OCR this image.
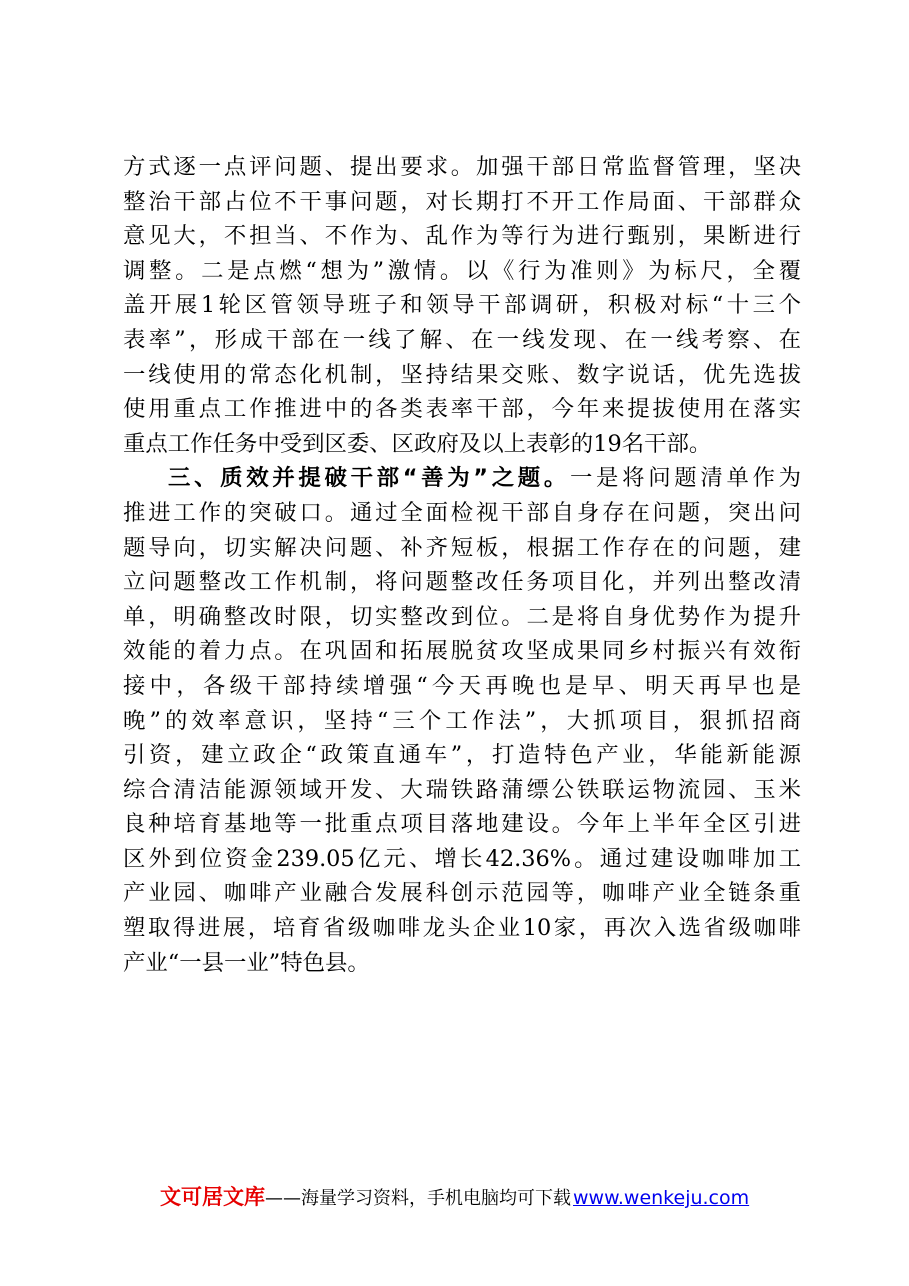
方式逐一点评问题、提出要求。加强干部日常监督管理，坚决
整治干部占位不干事问题，对长期打不开工作局面、干部群众
意见大，不担当、不作为、乱作为等行为进行甄别，果断进行
调整。二是点燃“想为”激情。以《行为准则》为标尺，全覆
盖开展1轮区管领导班子和领导干部调研，积极对标“十三个
表率”，形成干部在一线了解、在一线发现、在一线考察、在
一线使用的常态化机制，坚持结果交账、数字说话，优先选拔
使用重点工作推进中的各类表率干部，今年来提拔使用在落实
重点工作任务中受到区委、区政府及以上表彰的19名干部。
三、质效并提破干部“善为”之题。一是将问题清单作为
推进工作的突破口。通过全面检视干部自身存在问题，突出问
题导向，切实解决问题、补齐短板，根据工作存在的问题，建
立问题整改工作机制，将问题整改任务项目化，并列出整改清
单，明确整改时限，切实整改到位。二是将自身优势作为提升
效能的着力点。在巩固和拓展脱贫攻坚成果同乡村振兴有效衔
接中，各级干部持续增强“今天再晚也是早、明天再早也是
晚”的效率意识，坚持“三个工作法”，大抓项目，狠抓招商
引资，建立政企“政策直通车”，打造特色产业，华能新能源
综合清洁能源领域开发、大瑞铁路蒲缥公铁联运物流园、玉米
良种培育基地等一批重点项目落地建设。今年上半年全区引进
区外到位资金239.05亿元、增长42.36%。通过建设咖啡加工
产业园、咖啡产业融合发展科创示范园等，咖啡产业全链条重
塑取得进展，培育省级咖啡龙头企业10家，再次入选省级咖啡
产业“一县一业”特色县。
文可居文库——海量学习资料，手机电脑均可下载 www.wenkeju.com
